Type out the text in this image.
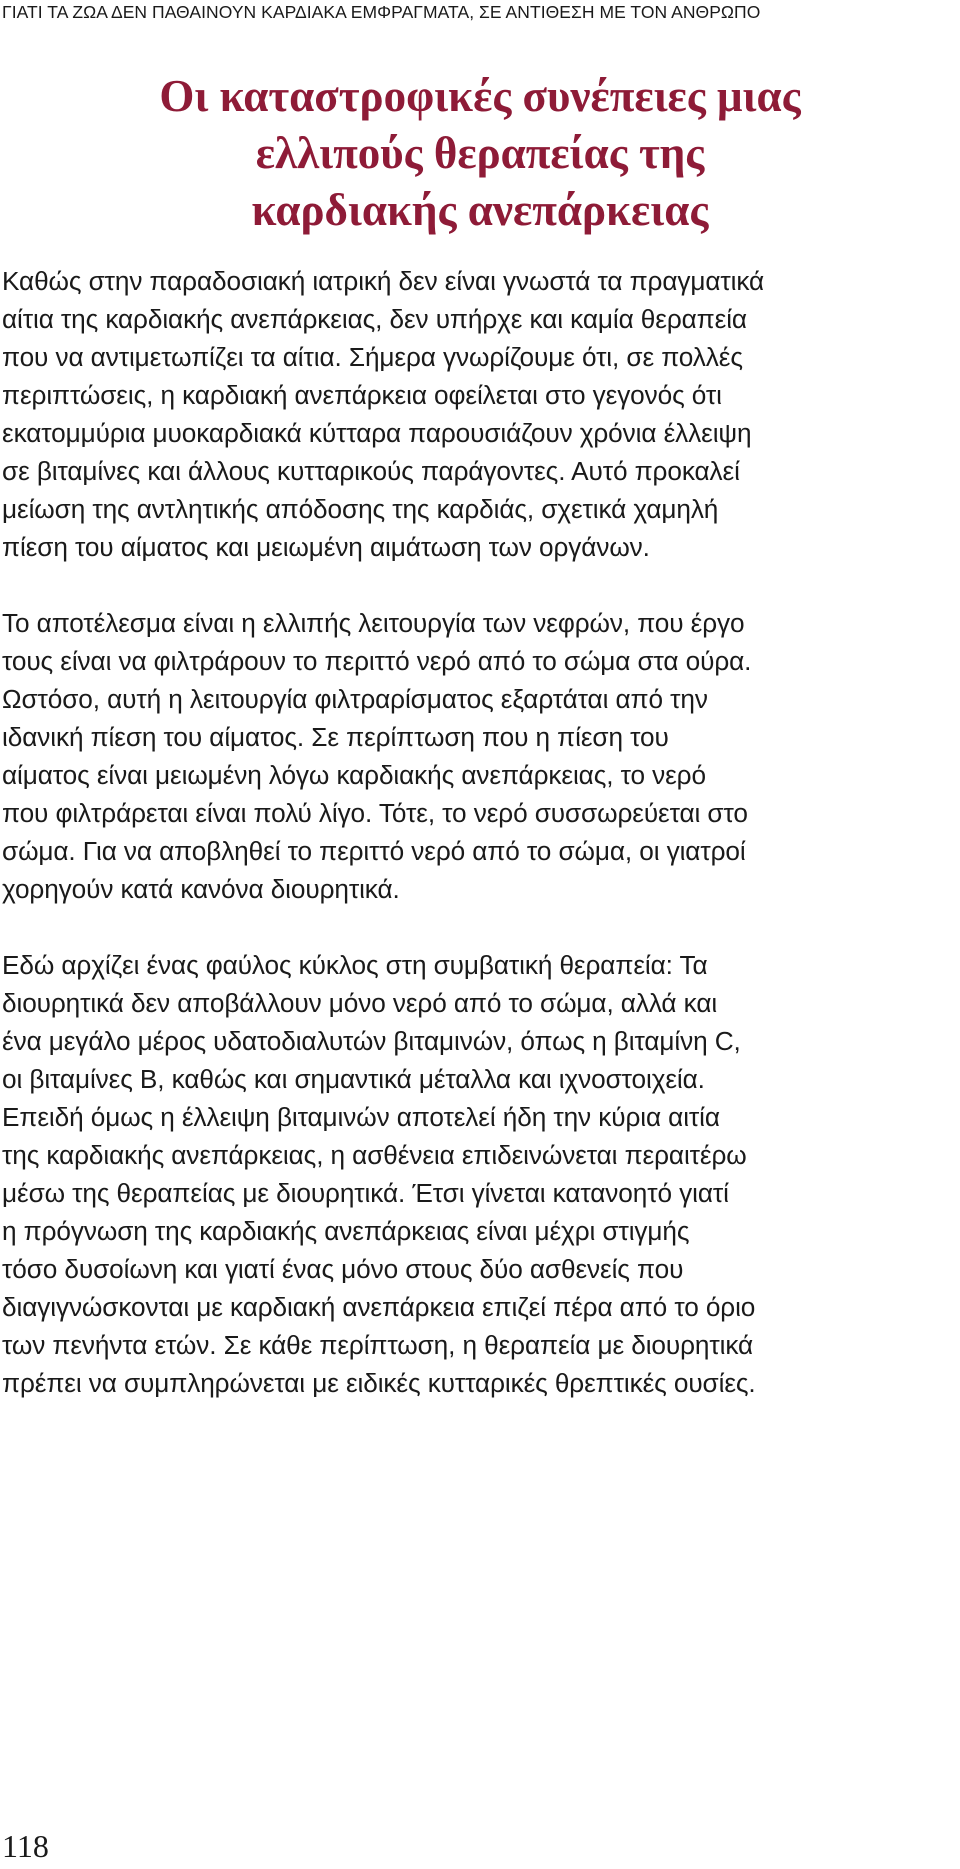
ΓΙΑΤΙ ΤΑ ΖΩΑ ΔΕΝ ΠΑΘΑΙΝΟΥΝ ΚΑΡΔΙΑΚΑ ΕΜΦΡΑΓΜΑΤΑ, ΣΕ ΑΝΤΙΘΕΣΗ ΜΕ ΤΟΝ ΑΝΘΡΩΠΟ
Οι καταστροφικές συνέπειες μιας
ελλιπούς θεραπείας της
καρδιακής ανεπάρκειας

Καθώς στην παραδοσιακή ιατρική δεν είναι γνωστά τα πραγματικά
αίτια της καρδιακής ανεπάρκειας, δεν υπήρχε και καμία θεραπεία
που να αντιμετωπίζει τα αίτια. Σήμερα γνωρίζουμε ότι, σε πολλές
περιπτώσεις, η καρδιακή ανεπάρκεια οφείλεται στο γεγονός ότι
εκατομμύρια μυοκαρδιακά κύτταρα παρουσιάζουν χρόνια έλλειψη
σε βιταμίνες και άλλους κυτταρικούς παράγοντες. Αυτό προκαλεί
μείωση της αντλητικής απόδοσης της καρδιάς, σχετικά χαμηλή
πίεση του αίματος και μειωμένη αιμάτωση των οργάνων.

Το αποτέλεσμα είναι η ελλιπής λειτουργία των νεφρών, που έργο
τους είναι να φιλτράρουν το περιττό νερό από το σώμα στα ούρα.
Ωστόσο, αυτή η λειτουργία φιλτραρίσματος εξαρτάται από την
ιδανική πίεση του αίματος. Σε περίπτωση που η πίεση του
αίματος είναι μειωμένη λόγω καρδιακής ανεπάρκειας, το νερό
που φιλτράρεται είναι πολύ λίγο. Τότε, το νερό συσσωρεύεται στο
σώμα. Για να αποβληθεί το περιττό νερό από το σώμα, οι γιατροί
χορηγούν κατά κανόνα διουρητικά.

Εδώ αρχίζει ένας φαύλος κύκλος στη συμβατική θεραπεία: Τα
διουρητικά δεν αποβάλλουν μόνο νερό από το σώμα, αλλά και
ένα μεγάλο μέρος υδατοδιαλυτών βιταμινών, όπως η βιταμίνη C,
οι βιταμίνες B, καθώς και σημαντικά μέταλλα και ιχνοστοιχεία.
Επειδή όμως η έλλειψη βιταμινών αποτελεί ήδη την κύρια αιτία
της καρδιακής ανεπάρκειας, η ασθένεια επιδεινώνεται περαιτέρω
μέσω της θεραπείας με διουρητικά. Έτσι γίνεται κατανοητό γιατί
η πρόγνωση της καρδιακής ανεπάρκειας είναι μέχρι στιγμής
τόσο δυσοίωνη και γιατί ένας μόνο στους δύο ασθενείς που
διαγιγνώσκονται με καρδιακή ανεπάρκεια επιζεί πέρα από το όριο
των πενήντα ετών. Σε κάθε περίπτωση, η θεραπεία με διουρητικά
πρέπει να συμπληρώνεται με ειδικές κυτταρικές θρεπτικές ουσίες.

118
